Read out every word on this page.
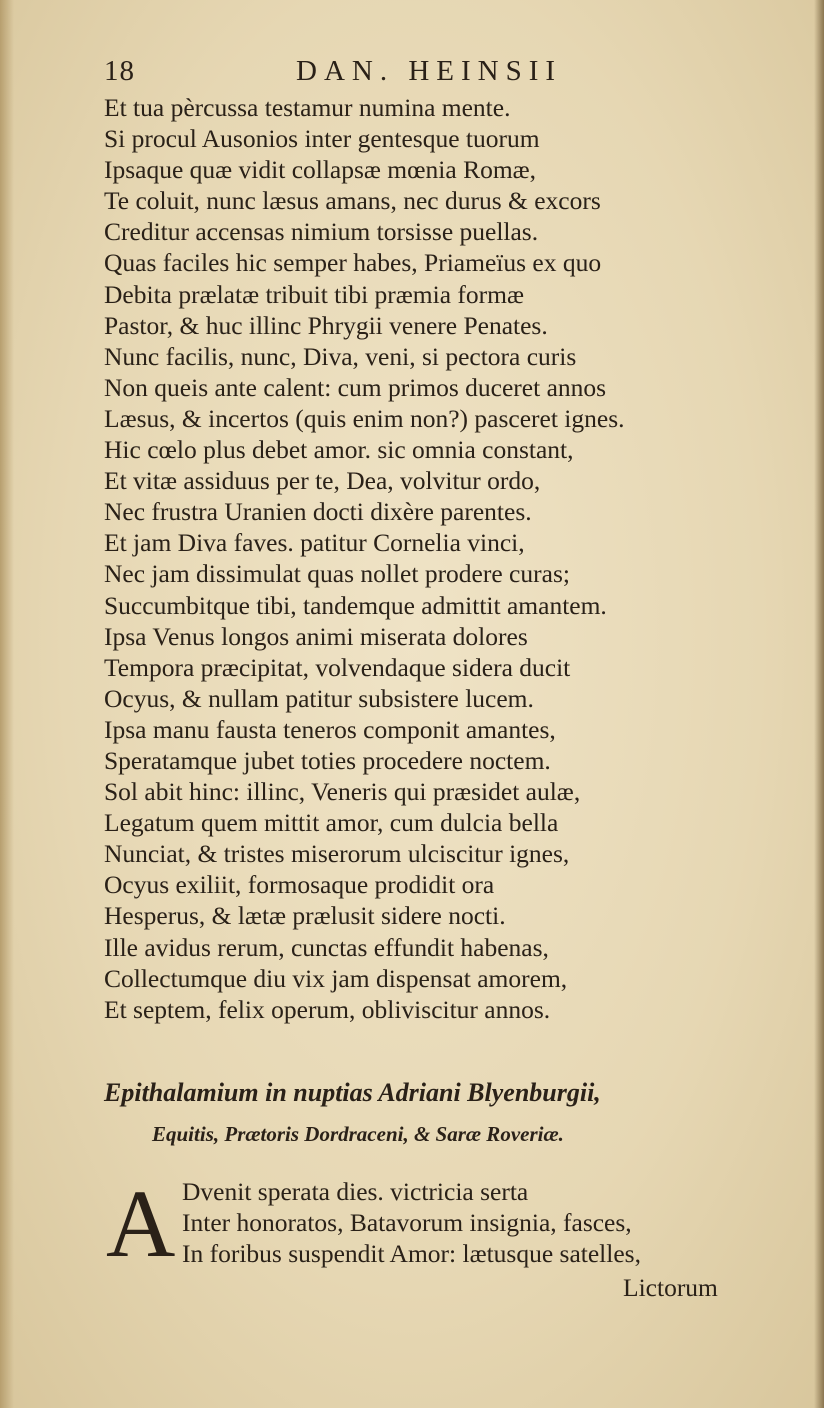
18	DAN. HEINSII
Et tua pèrcussa testamur numina mente.
Si procul Ausonios inter gentesque tuorum
Ipsaque quæ vidit collapsæ mœnia Romæ,
Te coluit, nunc læsus amans, nec durus & excors
Creditur accensas nimium torsisse puellas.
Quas faciles hic semper habes, Priameïus ex quo
Debita prælatæ tribuit tibi præmia formæ
Pastor, & huc illinc Phrygii venere Penates.
Nunc facilis, nunc, Diva, veni, si pectora curis
Non queis ante calent: cum primos duceret annos
Læsus, & incertos (quis enim non?) pasceret ignes.
Hic cœlo plus debet amor. sic omnia constant,
Et vitæ assiduus per te, Dea, volvitur ordo,
Nec frustra Uranien docti dixère parentes.
Et jam Diva faves. patitur Cornelia vinci,
Nec jam dissimulat quas nollet prodere curas;
Succumbitque tibi, tandemque admittit amantem.
Ipsa Venus longos animi miserata dolores
Tempora præcipitat, volvendaque sidera ducit
Ocyus, & nullam patitur subsistere lucem.
Ipsa manu fausta teneros componit amantes,
Speratamque jubet toties procedere noctem.
Sol abit hinc: illinc, Veneris qui præsidet aulæ,
Legatum quem mittit amor, cum dulcia bella
Nunciat, & tristes miserorum ulciscitur ignes,
Ocyus exiliit, formosaque prodidit ora
Hesperus, & lætæ prælusit sidere nocti.
Ille avidus rerum, cunctas effundit habenas,
Collectumque diu vix jam dispensat amorem,
Et septem, felix operum, obliviscitur annos.
Epithalamium in nuptias Adriani Blyenburgii,
Equitis, Prætoris Dordraceni, & Saræ Roveriæ.
A Dvenit sperata dies. victricia serta
Inter honoratos, Batavorum insignia, fasces,
In foribus suspendit Amor: lætusque satelles,
Lictorum
